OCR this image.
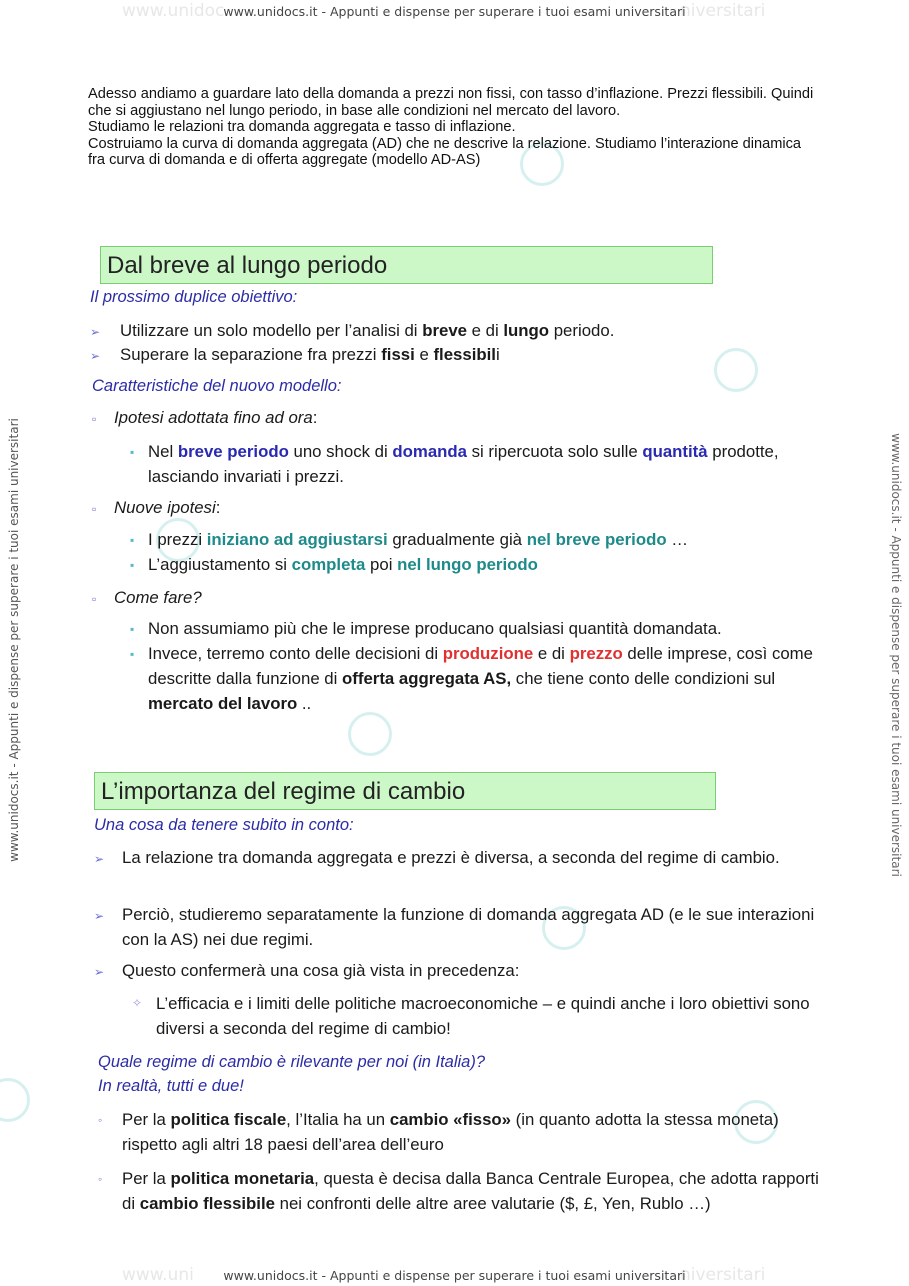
www.unidoc	niversitari
www.unidocs.it - Appunti e dispense per superare i tuoi esami universitari
www.uni	niversitari
www.unidocs.it - Appunti e dispense per superare i tuoi esami universitari
www.unidocs.it - Appunti e dispense per superare i tuoi esami universitari	www.unidocs.it - Appunti e dispense per superare i tuoi esami universitari

Adesso andiamo a guardare lato della domanda a prezzi non fissi, con tasso d’inflazione. Prezzi flessibili. Quindi che si aggiustano nel lungo periodo, in base alle condizioni nel mercato del lavoro.

Studiamo le relazioni tra domanda aggregata e tasso di inflazione.

Costruiamo la curva di domanda aggregata (AD) che ne descrive la relazione. Studiamo l’interazione dinamica fra curva di domanda e di offerta aggregate (modello AD-AS)

Dal breve al lungo periodo
Il prossimo duplice obiettivo:
➢ Utilizzare un solo modello per l’analisi di breve e di lungo periodo.
➢ Superare la separazione fra prezzi fissi e flessibili
Caratteristiche del nuovo modello:
▫ Ipotesi adottata fino ad ora:
▪ Nel breve periodo uno shock di domanda si ripercuota solo sulle quantità prodotte, lasciando invariati i prezzi.
▫ Nuove ipotesi:
▪ I prezzi iniziano ad aggiustarsi gradualmente già nel breve periodo …
▪ L’aggiustamento si completa poi nel lungo periodo
▫ Come fare?
▪ Non assumiamo più che le imprese producano qualsiasi quantità domandata.
▪ Invece, terremo conto delle decisioni di produzione e di prezzo delle imprese, così come descritte dalla funzione di offerta aggregata AS, che tiene conto delle condizioni sul mercato del lavoro ..
L’importanza del regime di cambio
Una cosa da tenere subito in conto:
➢ La relazione tra domanda aggregata e prezzi è diversa, a seconda del regime di cambio.
➢ Perciò, studieremo separatamente la funzione di domanda aggregata AD (e le sue interazioni con la AS) nei due regimi.
➢ Questo confermerà una cosa già vista in precedenza:
✧ L’efficacia e i limiti delle politiche macroeconomiche – e quindi anche i loro obiettivi sono diversi a seconda del regime di cambio!
Quale regime di cambio è rilevante per noi (in Italia)?
In realtà, tutti e due!
◦ Per la politica fiscale, l’Italia ha un cambio «fisso» (in quanto adotta la stessa moneta) rispetto agli altri 18 paesi dell’area dell’euro
◦ Per la politica monetaria, questa è decisa dalla Banca Centrale Europea, che adotta rapporti di cambio flessibile nei confronti delle altre aree valutarie ($, £, Yen, Rublo …)
